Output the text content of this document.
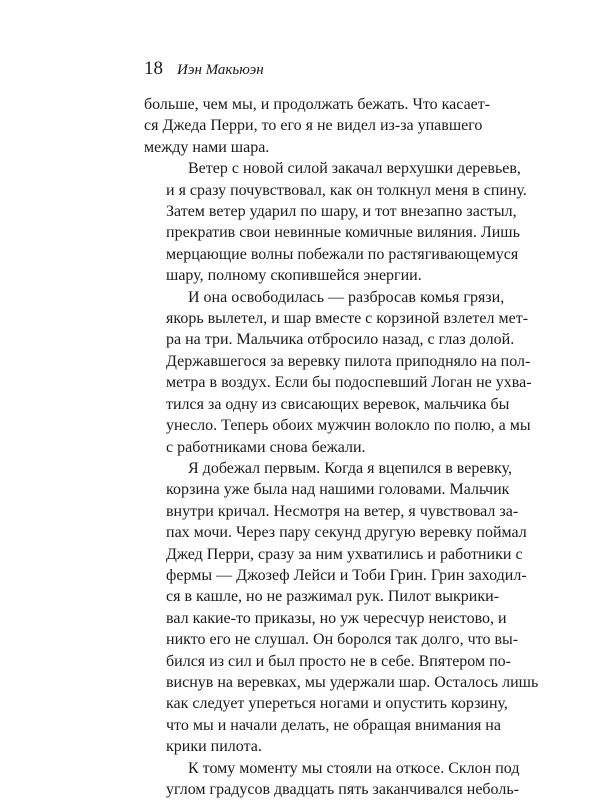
18 Иэн Макьюэн
больше, чем мы, и продолжать бежать. Что касает-
ся Джеда Перри, то его я не видел из-за упавшего
между нами шара.
Ветер с новой силой закачал верхушки деревьев,
и я сразу почувствовал, как он толкнул меня в спину.
Затем ветер ударил по шару, и тот внезапно застыл,
прекратив свои невинные комичные виляния. Лишь
мерцающие волны побежали по растягивающемуся
шару, полному скопившейся энергии.
И она освободилась — разбросав комья грязи,
якорь вылетел, и шар вместе с корзиной взлетел мет-
ра на три. Мальчика отбросило назад, с глаз долой.
Державшегося за веревку пилота приподняло на пол-
метра в воздух. Если бы подоспевший Логан не ухва-
тился за одну из свисающих веревок, мальчика бы
унесло. Теперь обоих мужчин волокло по полю, а мы
с работниками снова бежали.
Я добежал первым. Когда я вцепился в веревку,
корзина уже была над нашими головами. Мальчик
внутри кричал. Несмотря на ветер, я чувствовал за-
пах мочи. Через пару секунд другую веревку поймал
Джед Перри, сразу за ним ухватились и работники с
фермы — Джозеф Лейси и Тоби Грин. Грин заходил-
ся в кашле, но не разжимал рук. Пилот выкрики-
вал какие-то приказы, но уж чересчур неистово, и
никто его не слушал. Он боролся так долго, что вы-
бился из сил и был просто не в себе. Впятером по-
виснув на веревках, мы удержали шар. Осталось лишь
как следует упереться ногами и опустить корзину,
что мы и начали делать, не обращая внимания на
крики пилота.
К тому моменту мы стояли на откосе. Склон под
углом градусов двадцать пять заканчивался неболь-
